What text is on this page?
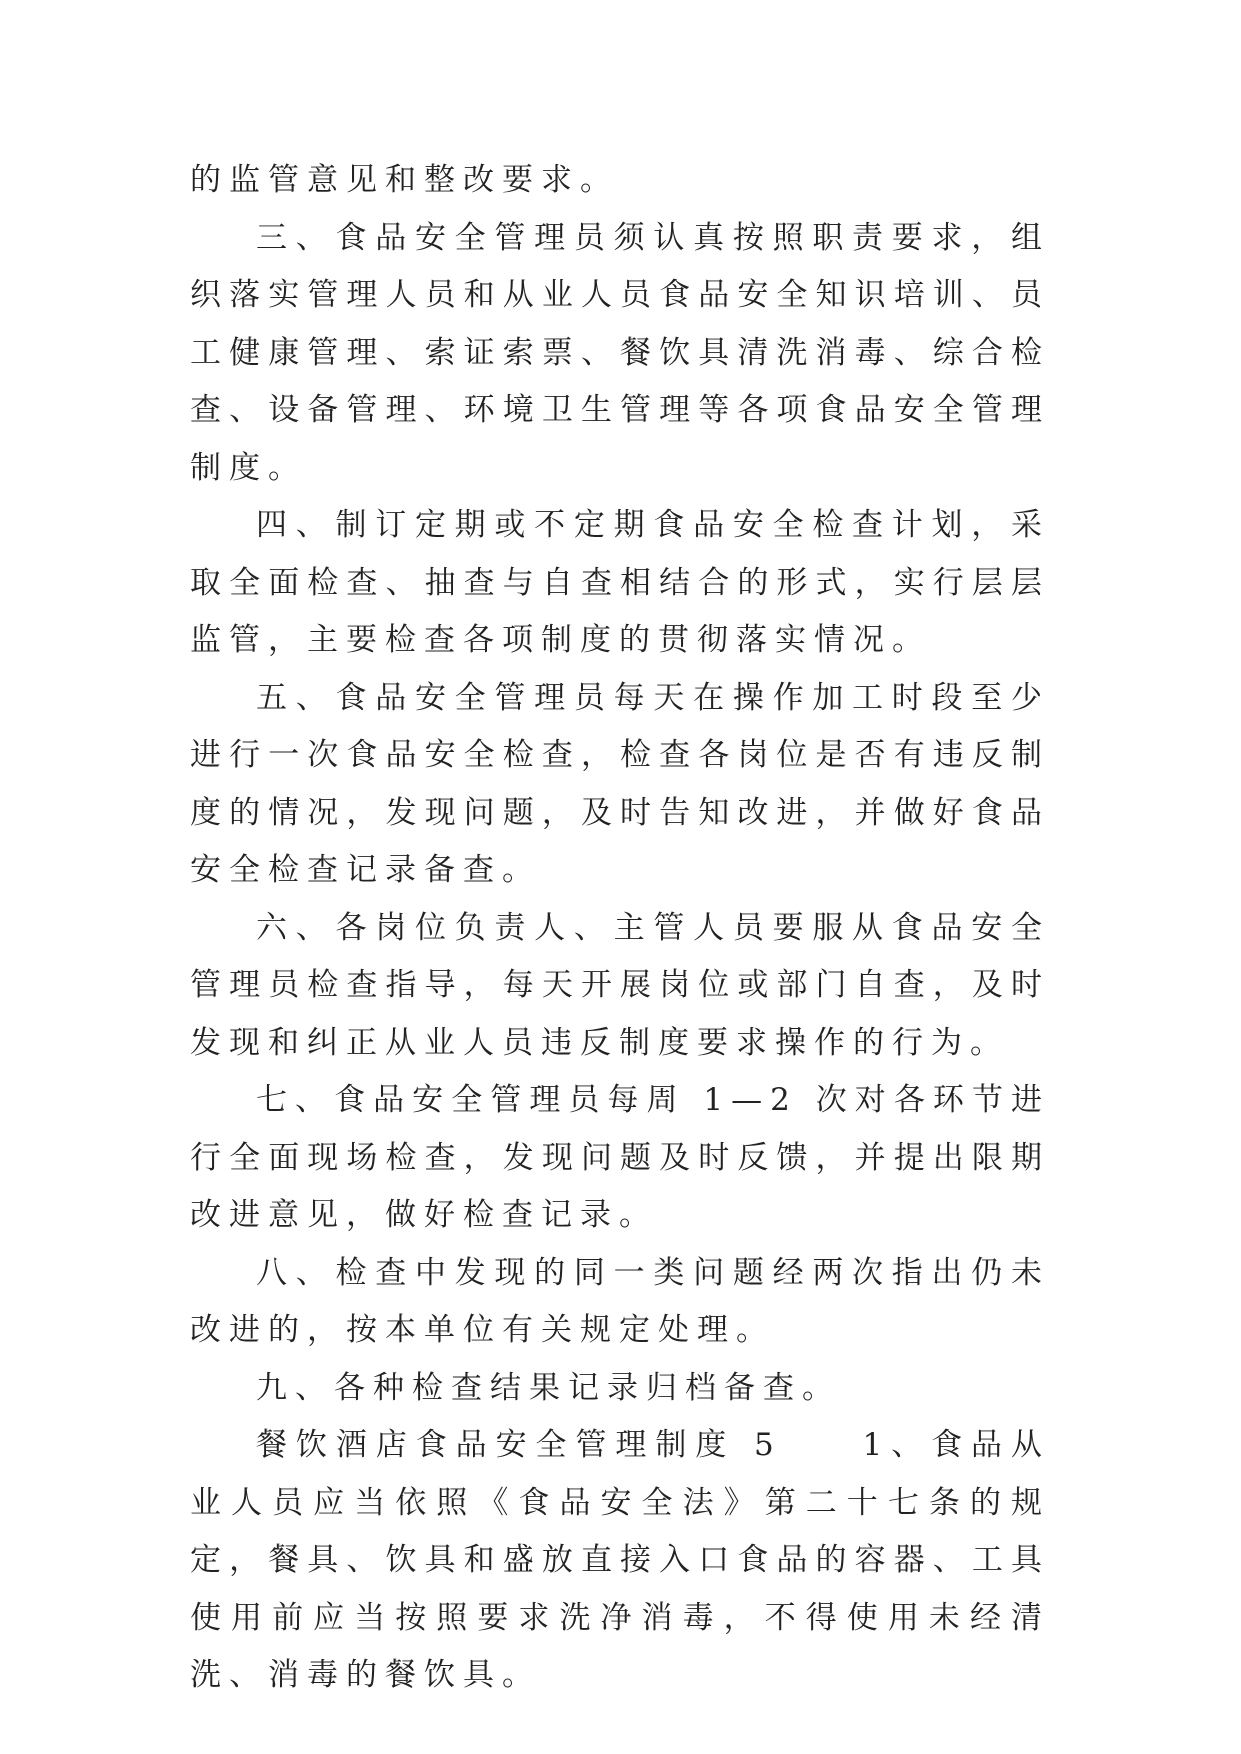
的监管意见和整改要求。

三、食品安全管理员须认真按照职责要求，组织落实管理人员和从业人员食品安全知识培训、员工健康管理、索证索票、餐饮具清洗消毒、综合检查、设备管理、环境卫生管理等各项食品安全管理制度。

四、制订定期或不定期食品安全检查计划，采取全面检查、抽查与自查相结合的形式，实行层层监管，主要检查各项制度的贯彻落实情况。

五、食品安全管理员每天在操作加工时段至少进行一次食品安全检查，检查各岗位是否有违反制度的情况，发现问题，及时告知改进，并做好食品安全检查记录备查。

六、各岗位负责人、主管人员要服从食品安全管理员检查指导，每天开展岗位或部门自查，及时发现和纠正从业人员违反制度要求操作的行为。

七、食品安全管理员每周 1—2 次对各环节进行全面现场检查，发现问题及时反馈，并提出限期改进意见，做好检查记录。

八、检查中发现的同一类问题经两次指出仍未改进的，按本单位有关规定处理。

九、各种检查结果记录归档备查。

餐饮酒店食品安全管理制度 5　　1、食品从业人员应当依照《食品安全法》第二十七条的规定，餐具、饮具和盛放直接入口食品的容器、工具使用前应当按照要求洗净消毒，不得使用未经清洗、消毒的餐饮具。
